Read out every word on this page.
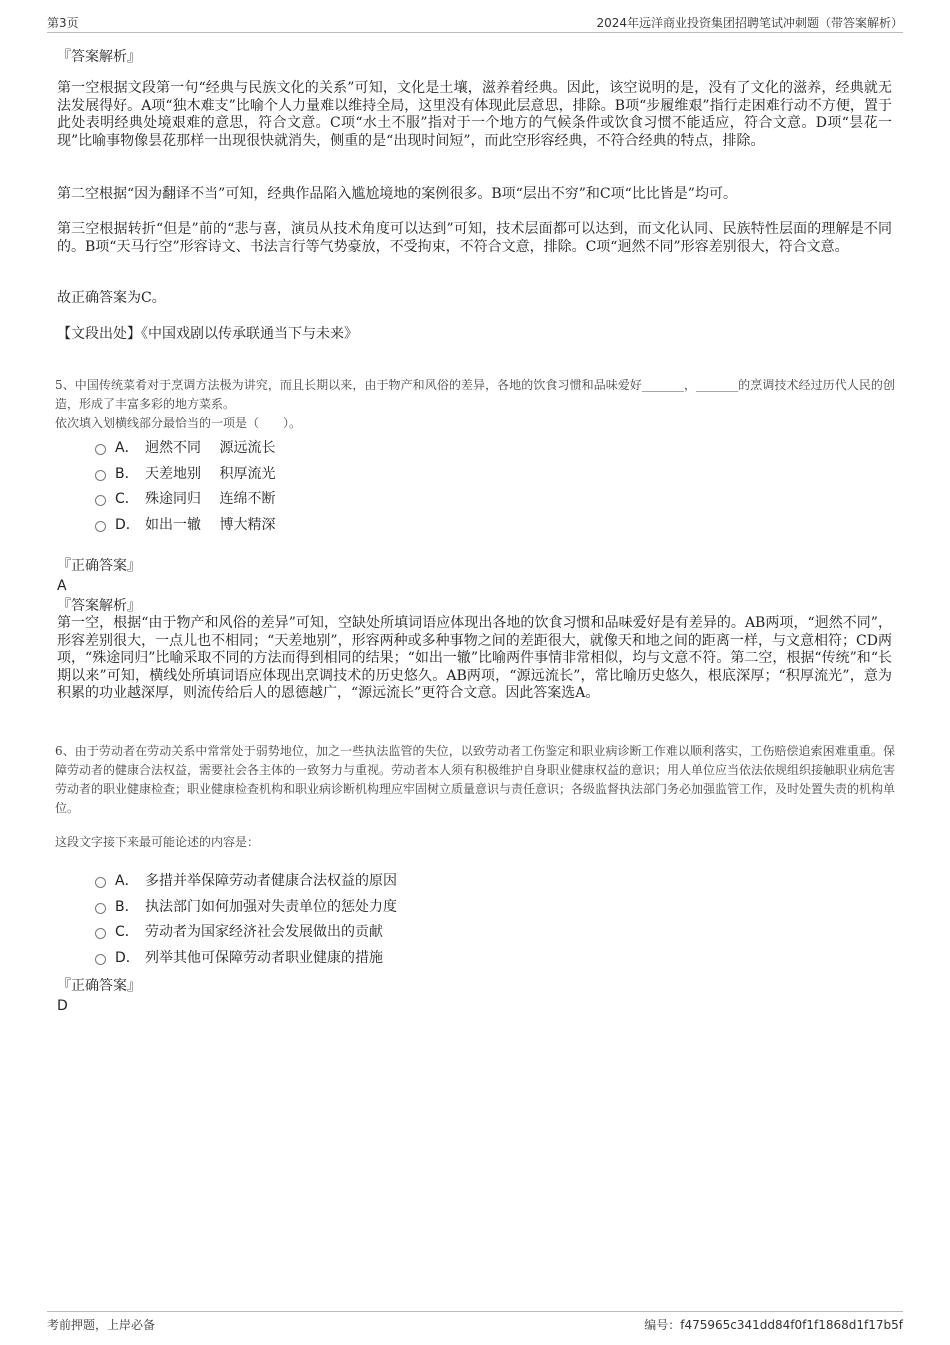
第3页	2024年远洋商业投资集团招聘笔试冲刺题（带答案解析）
『答案解析』

第一空根据文段第一句“经典与民族文化的关系”可知，文化是土壤，滋养着经典。因此，该空说明的是，没有了文化的滋养，经典就无法发展得好。A项“独木难支”比喻个人力量难以维持全局，这里没有体现此层意思，排除。B项“步履维艰”指行走困难行动不方便，置于此处表明经典处境艰难的意思，符合文意。C项“水土不服”指对于一个地方的气候条件或饮食习惯不能适应，符合文意。D项“昙花一现”比喻事物像昙花那样一出现很快就消失，侧重的是“出现时间短”，而此空形容经典，不符合经典的特点，排除。

第二空根据“因为翻译不当”可知，经典作品陷入尴尬境地的案例很多。B项“层出不穷”和C项“比比皆是”均可。

第三空根据转折“但是”前的“悲与喜，演员从技术角度可以达到”可知，技术层面都可以达到，而文化认同、民族特性层面的理解是不同的。B项“天马行空”形容诗文、书法言行等气势豪放，不受拘束，不符合文意，排除。C项“迥然不同”形容差别很大，符合文意。

故正确答案为C。

【文段出处】《中国戏剧以传承联通当下与未来》

5、中国传统菜肴对于烹调方法极为讲究，而且长期以来，由于物产和风俗的差异，各地的饮食习惯和品味爱好_______，_______的烹调技术经过历代人民的创造，形成了丰富多彩的地方菜系。

依次填入划横线部分最恰当的一项是（　　）。

A． 迥然不同　 源远流长
B． 天差地别　 积厚流光
C． 殊途同归　 连绵不断
D． 如出一辙　 博大精深
『正确答案』
A
『答案解析』

第一空，根据“由于物产和风俗的差异”可知，空缺处所填词语应体现出各地的饮食习惯和品味爱好是有差异的。AB两项，“迥然不同”，形容差别很大，一点儿也不相同；“天差地别”，形容两种或多种事物之间的差距很大，就像天和地之间的距离一样，与文意相符；CD两项，“殊途同归”比喻采取不同的方法而得到相同的结果；“如出一辙”比喻两件事情非常相似，均与文意不符。第二空，根据“传统”和“长期以来”可知，横线处所填词语应体现出烹调技术的历史悠久。AB两项，“源远流长”，常比喻历史悠久，根底深厚；“积厚流光”，意为积累的功业越深厚，则流传给后人的恩德越广，“源远流长”更符合文意。因此答案选A。

6、由于劳动者在劳动关系中常常处于弱势地位，加之一些执法监管的失位，以致劳动者工伤鉴定和职业病诊断工作难以顺利落实，工伤赔偿追索困难重重。保障劳动者的健康合法权益，需要社会各主体的一致努力与重视。劳动者本人须有积极维护自身职业健康权益的意识；用人单位应当依法依规组织接触职业病危害劳动者的职业健康检查；职业健康检查机构和职业病诊断机构理应牢固树立质量意识与责任意识；各级监督执法部门务必加强监管工作，及时处置失责的机构单位。

这段文字接下来最可能论述的内容是：

A． 多措并举保障劳动者健康合法权益的原因
B． 执法部门如何加强对失责单位的惩处力度
C． 劳动者为国家经济社会发展做出的贡献
D． 列举其他可保障劳动者职业健康的措施
『正确答案』
D
考前押题，上岸必备	编号：f475965c341dd84f0f1f1868d1f17b5f
